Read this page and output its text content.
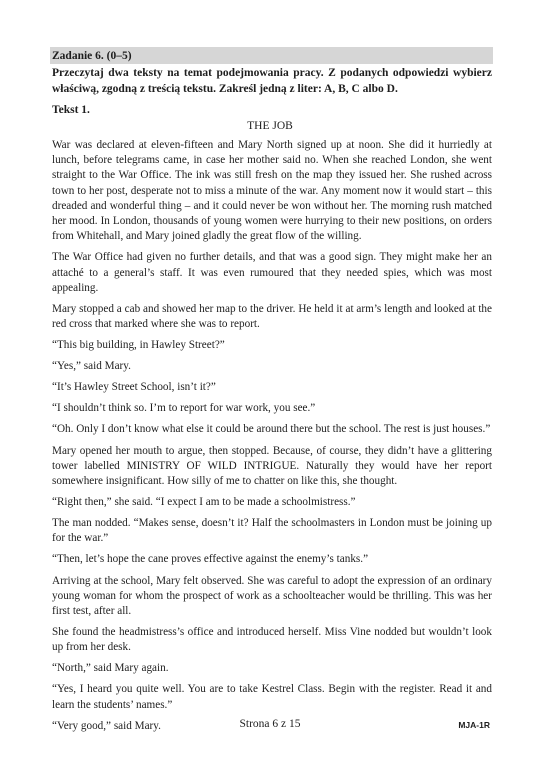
Zadanie 6. (0–5)
Przeczytaj dwa teksty na temat podejmowania pracy. Z podanych odpowiedzi wybierz właściwą, zgodną z treścią tekstu. Zakreśl jedną z liter: A, B, C albo D.
Tekst 1.
THE JOB

War was declared at eleven-fifteen and Mary North signed up at noon. She did it hurriedly at lunch, before telegrams came, in case her mother said no. When she reached London, she went straight to the War Office. The ink was still fresh on the map they issued her. She rushed across town to her post, desperate not to miss a minute of the war. Any moment now it would start – this dreaded and wonderful thing – and it could never be won without her. The morning rush matched her mood. In London, thousands of young women were hurrying to their new positions, on orders from Whitehall, and Mary joined gladly the great flow of the willing.

The War Office had given no further details, and that was a good sign. They might make her an attaché to a general’s staff. It was even rumoured that they needed spies, which was most appealing.

Mary stopped a cab and showed her map to the driver. He held it at arm’s length and looked at the red cross that marked where she was to report.

“This big building, in Hawley Street?”

“Yes,” said Mary.

“It’s Hawley Street School, isn’t it?”

“I shouldn’t think so. I’m to report for war work, you see.”

“Oh. Only I don’t know what else it could be around there but the school. The rest is just houses.”

Mary opened her mouth to argue, then stopped. Because, of course, they didn’t have a glittering tower labelled MINISTRY OF WILD INTRIGUE. Naturally they would have her report somewhere insignificant. How silly of me to chatter on like this, she thought.

“Right then,” she said. “I expect I am to be made a schoolmistress.”

The man nodded. “Makes sense, doesn’t it? Half the schoolmasters in London must be joining up for the war.”

“Then, let’s hope the cane proves effective against the enemy’s tanks.”

Arriving at the school, Mary felt observed. She was careful to adopt the expression of an ordinary young woman for whom the prospect of work as a schoolteacher would be thrilling. This was her first test, after all.

She found the headmistress’s office and introduced herself. Miss Vine nodded but wouldn’t look up from her desk.

“North,” said Mary again.

“Yes, I heard you quite well. You are to take Kestrel Class. Begin with the register. Read it and learn the students’ names.”

“Very good,” said Mary.	Strona 6 z 15	MJA-1R
